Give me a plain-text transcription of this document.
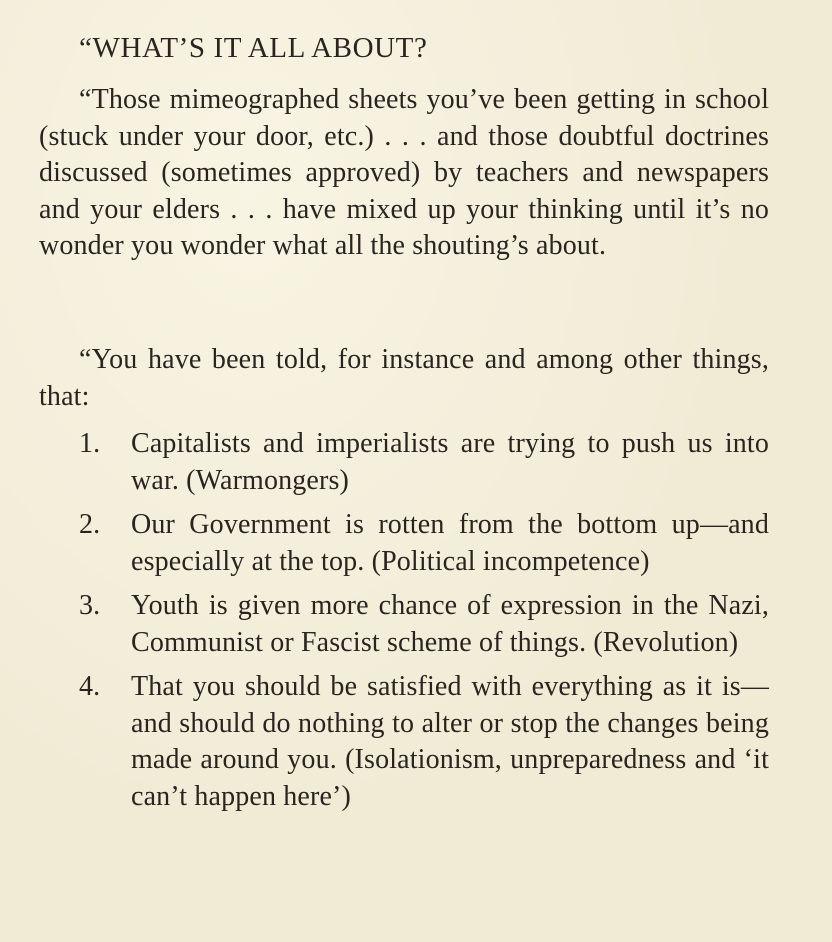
“WHAT’S IT ALL ABOUT?

“Those mimeographed sheets you’ve been getting in school (stuck under your door, etc.) . . . and those doubtful doctrines discussed (sometimes approved) by teachers and newspapers and your elders . . . have mixed up your thinking until it’s no wonder you wonder what all the shouting’s about.

“You have been told, for instance and among other things, that:

1. Capitalists and imperialists are trying to push us into war. (Warmongers)
2. Our Government is rotten from the bottom up—and especially at the top. (Political incompetence)
3. Youth is given more chance of expression in the Nazi, Communist or Fascist scheme of things. (Revolution)
4. That you should be satisfied with everything as it is—and should do nothing to alter or stop the changes being made around you. (Isolationism, unpreparedness and ‘it can’t happen here’)
